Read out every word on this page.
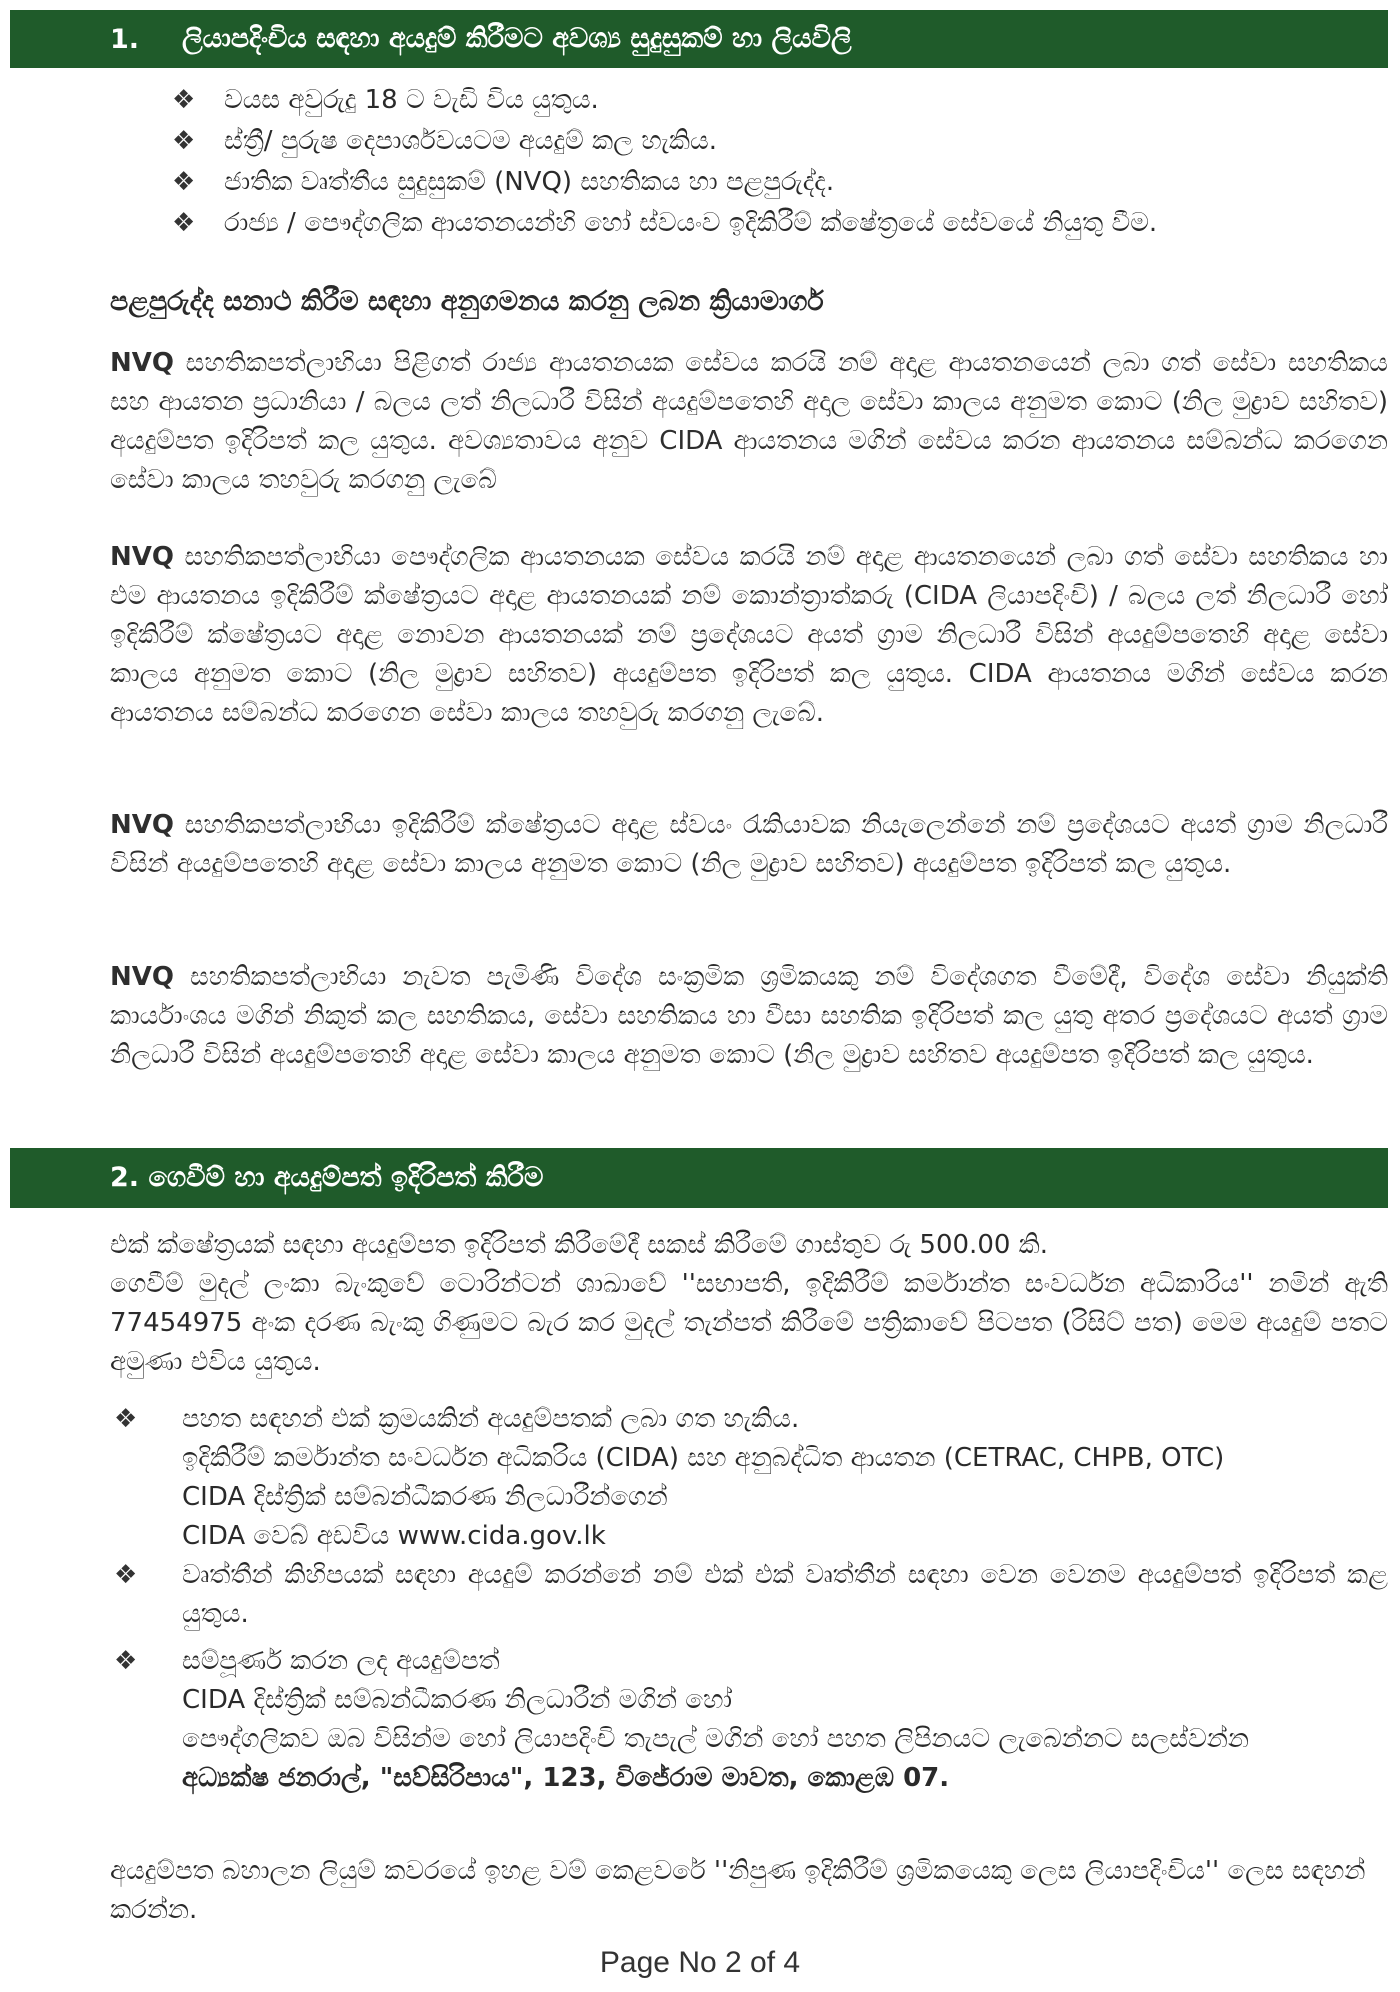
1. ලියාපදිංචිය සඳහා අයදුම් කිරීමට අවශ්‍ය සුදුසුකම් හා ලියවිලි
❖ වයස අවුරුදු 18 ට වැඩි විය යුතුය.
❖ ස්ත්‍රී/ පුරුෂ දෙපාර්ශවයටම අයදුම් කල හැකිය.
❖ ජාතික වෘත්තීය සුදුසුකම් (NVQ) සහතිකය හා පළපුරුද්ද.
❖ රාජ්‍ය / පෞද්ගලික ආයතනයන්හි හෝ ස්වයංව ඉදිකිරීම් ක්ෂේත්‍රයේ සේවයේ නියුතු වීම.
පළපුරුද්ද සනාථ කිරීම සඳහා අනුගමනය කරනු ලබන ක්‍රියාමාර්ග

NVQ සහතිකපත්ලාභියා පිළිගත් රාජ්‍ය ආයතනයක සේවය කරයි නම් අදාළ ආයතනයෙන් ලබා ගත් සේවා සහතිකය සහ ආයතන ප්‍රධානියා / බලය ලත් නිලධාරී විසින් අයදුම්පතෙහි අදාල සේවා කාලය අනුමත කොට (නිල මුද්‍රාව සහිතව) අයදුම්පත ඉදිරිපත් කල යුතුය. අවශ්‍යතාවය අනුව CIDA ආයතනය මගින් සේවය කරන ආයතනය සම්බන්ධ කරගෙන සේවා කාලය තහවුරු කරගනු ලැබේ

NVQ සහතිකපත්ලාභියා පෞද්ගලික ආයතනයක සේවය කරයි නම් අදාළ ආයතනයෙන් ලබා ගත් සේවා සහතිකය හා එම ආයතනය ඉදිකිරීම් ක්ෂේත්‍රයට අදාළ ආයතනයක් නම් කොන්ත්‍රාත්කරු (CIDA ලියාපදිංචි) / බලය ලත් නිලධාරී හෝ ඉදිකිරීම් ක්ෂේත්‍රයට අදාළ නොවන ආයතනයක් නම් ප්‍රදේශයට අයත් ග්‍රාම නිලධාරී විසින් අයදුම්පතෙහි අදාළ සේවා කාලය අනුමත කොට (නිල මුද්‍රාව සහිතව) අයදුම්පත ඉදිරිපත් කල යුතුය. CIDA ආයතනය මගින් සේවය කරන ආයතනය සම්බන්ධ කරගෙන සේවා කාලය තහවුරු කරගනු ලැබේ.

NVQ සහතිකපත්ලාභියා ඉදිකිරීම් ක්ෂේත්‍රයට අදාළ ස්වයං රැකියාවක නියැලෙන්නේ නම් ප්‍රදේශයට අයත් ග්‍රාම නිලධාරී විසින් අයදුම්පතෙහි අදාළ සේවා කාලය අනුමත කොට (නිල මුද්‍රාව සහිතව) අයදුම්පත ඉදිරිපත් කල යුතුය.

NVQ සහතිකපත්ලාභියා නැවත පැමිණි විදේශ සංක්‍රමික ශ්‍රමිකයකු නම් විදේශගත වීමේදී, විදේශ සේවා නියුක්ති කාර්යාංශය මගින් නිකුත් කල සහතිකය, සේවා සහතිකය හා වීසා සහතික ඉදිරිපත් කල යුතු අතර ප්‍රදේශයට අයත් ග්‍රාම නිලධාරී විසින් අයදුම්පතෙහි අදාළ සේවා කාලය අනුමත කොට (නිල මුද්‍රාව සහිතව අයදුම්පත ඉදිරිපත් කල යුතුය.

2. ගෙවීම් හා අයදුම්පත් ඉදිරිපත් කිරීම
එක් ක්ෂේත්‍රයක් සඳහා අයදුම්පත ඉදිරිපත් කිරීමේදී සකස් කිරීමේ ගාස්තුව රු 500.00 කි.
ගෙවීම් මුදල් ලංකා බැංකුවේ ටොරින්ටන් ශාඛාවේ ''සභාපති, ඉදිකිරීම් කර්මාන්ත සංවර්ධන අධිකාරිය'' නමින් ඇති 77454975 අංක දරණ බැංකු ගිණුමට බැර කර මුදල් තැන්පත් කිරීමේ පත්‍රිකාවේ පිටපත (රිසිට් පත) මෙම අයදුම් පතට අමුණා එවිය යුතුය.
❖ පහත සඳහන් එක් ක්‍රමයකින් අයදුම්පතක් ලබා ගත හැකිය.
ඉදිකිරීම් කර්මාන්ත සංවර්ධන අධිකරිය (CIDA) සහ අනුබද්ධිත ආයතන (CETRAC, CHPB, OTC)
CIDA දිස්ත්‍රික් සම්බන්ධීකරණ නිලධාරීන්ගෙන්
CIDA වෙබ් අඩවිය www.cida.gov.lk
❖ වෘත්තීන් කිහිපයක් සඳහා අයදුම් කරන්නේ නම් එක් එක් වෘත්තීන් සඳහා වෙන වෙනම අයදුම්පත් ඉදිරිපත් කළ යුතුය.
❖ සම්පූර්ණ කරන ලද අයදුම්පත්
CIDA දිස්ත්‍රික් සම්බන්ධීකරණ නිලධාරීන් මගින් හෝ
පෞද්ගලිකව ඔබ විසින්ම හෝ ලියාපදිංචි තැපැල් මගින් හෝ පහත ලිපිනයට ලැබෙන්නට සලස්වන්න
අධ්‍යක්ෂ ජනරාල්, "සව්සිරිපාය", 123, විජේරාම මාවත, කොළඹ 07.

අයදුම්පත බහාලන ලියුම් කවරයේ ඉහළ වම් කෙළවරේ ''නිපුණ ඉදිකිරීම් ශ්‍රමිකයෙකු ලෙස ලියාපදිංචිය'' ලෙස සඳහන් කරන්න.

Page No 2 of 4
